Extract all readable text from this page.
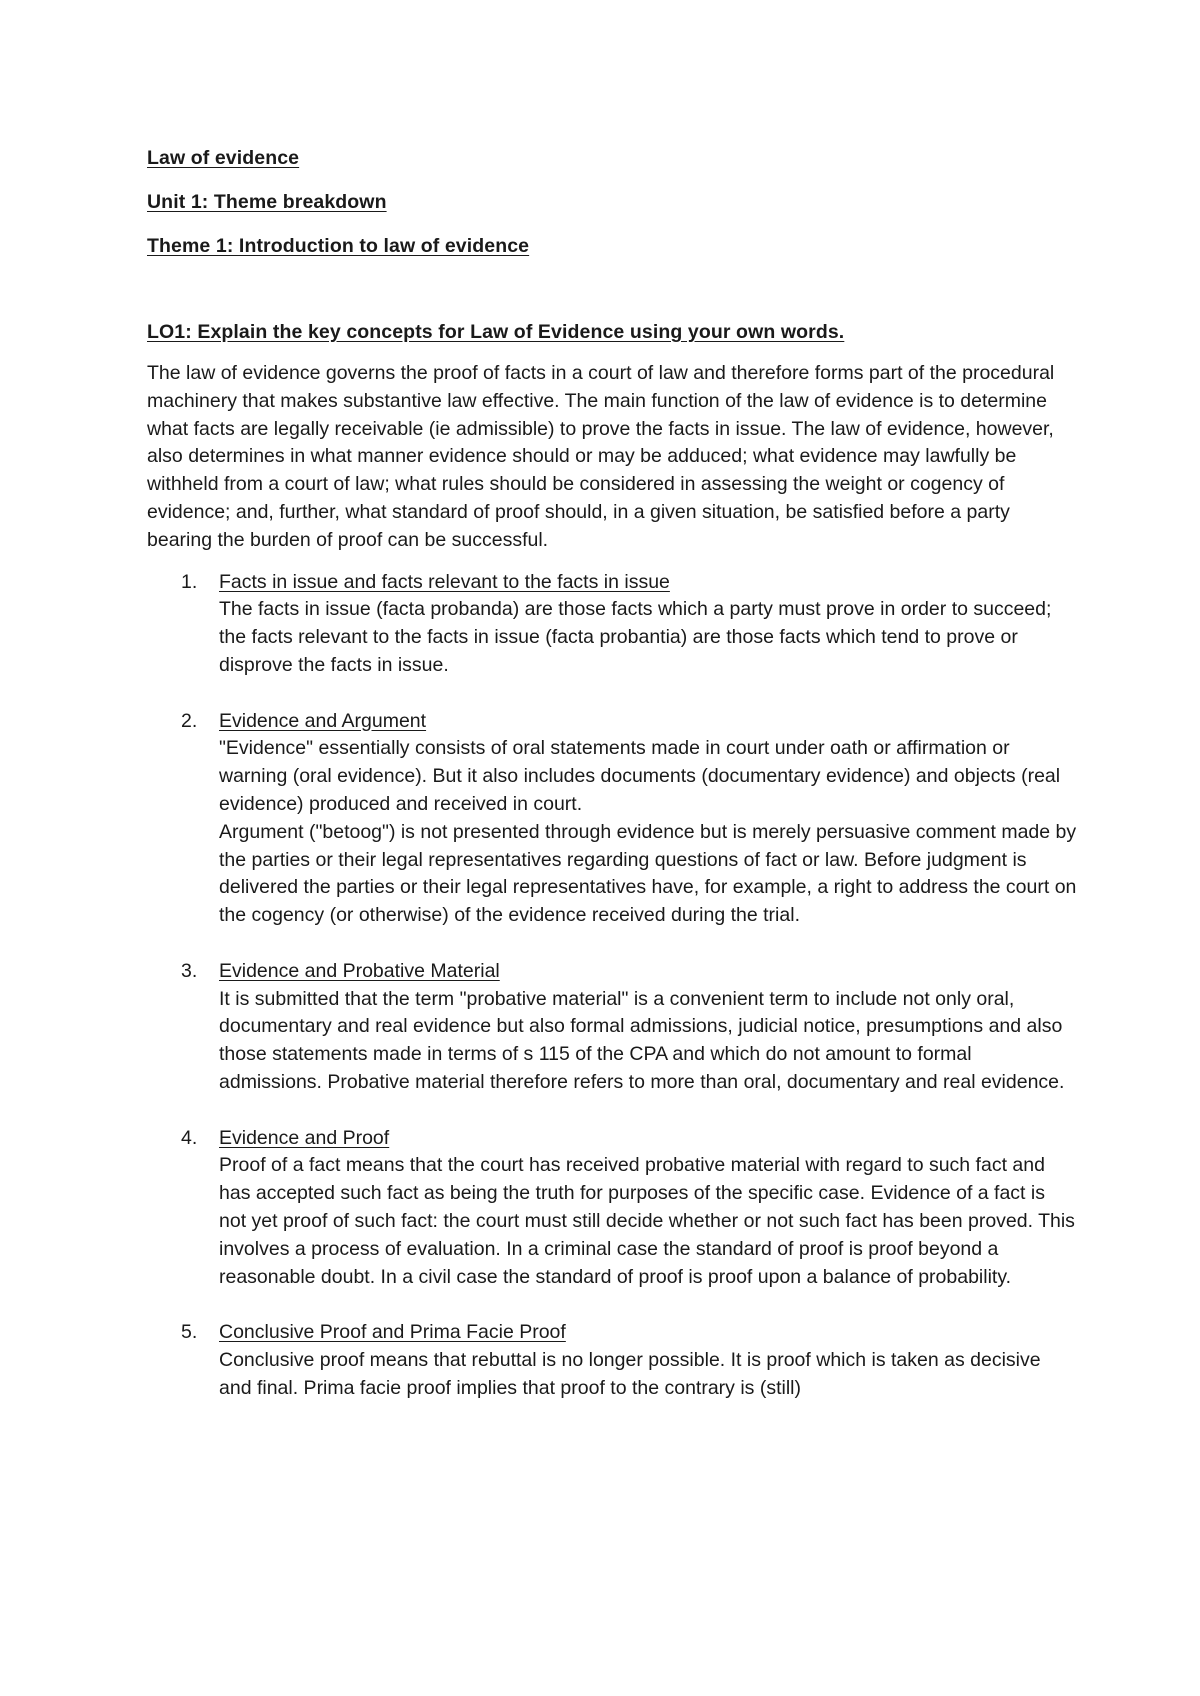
Law of evidence
Unit 1: Theme breakdown
Theme 1: Introduction to law of evidence
LO1: Explain the key concepts for Law of Evidence using your own words.

The law of evidence governs the proof of facts in a court of law and therefore forms part of the procedural machinery that makes substantive law effective. The main function of the law of evidence is to determine what facts are legally receivable (ie admissible) to prove the facts in issue. The law of evidence, however, also determines in what manner evidence should or may be adduced; what evidence may lawfully be withheld from a court of law; what rules should be considered in assessing the weight or cogency of evidence; and, further, what standard of proof should, in a given situation, be satisfied before a party bearing the burden of proof can be successful.

1. Facts in issue and facts relevant to the facts in issue

The facts in issue (facta probanda) are those facts which a party must prove in order to succeed;

the facts relevant to the facts in issue (facta probantia) are those facts which tend to prove or disprove the facts in issue.

2. Evidence and Argument

"Evidence" essentially consists of oral statements made in court under oath or affirmation or warning (oral evidence). But it also includes documents (documentary evidence) and objects (real evidence) produced and received in court.

Argument ("betoog") is not presented through evidence but is merely persuasive comment made by the parties or their legal representatives regarding questions of fact or law. Before judgment is delivered the parties or their legal representatives have, for example, a right to address the court on the cogency (or otherwise) of the evidence received during the trial.

3. Evidence and Probative Material

It is submitted that the term "probative material" is a convenient term to include not only oral, documentary and real evidence but also formal admissions, judicial notice, presumptions and also those statements made in terms of s 115 of the CPA and which do not amount to formal admissions. Probative material therefore refers to more than oral, documentary and real evidence.

4. Evidence and Proof

Proof of a fact means that the court has received probative material with regard to such fact and has accepted such fact as being the truth for purposes of the specific case. Evidence of a fact is not yet proof of such fact: the court must still decide whether or not such fact has been proved. This involves a process of evaluation. In a criminal case the standard of proof is proof beyond a reasonable doubt. In a civil case the standard of proof is proof upon a balance of probability.

5. Conclusive Proof and Prima Facie Proof

Conclusive proof means that rebuttal is no longer possible. It is proof which is taken as decisive and final. Prima facie proof implies that proof to the contrary is (still)
